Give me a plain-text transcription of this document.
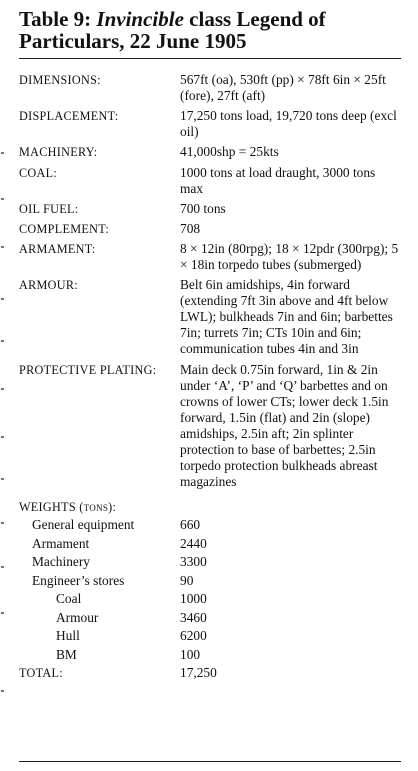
Table 9: Invincible class Legend of
Particulars, 22 June 1905
DIMENSIONS:	567ft (oa), 530ft (pp) × 78ft 6in × 25ft (fore), 27ft (aft)
DISPLACEMENT:	17,250 tons load, 19,720 tons deep (excl oil)
MACHINERY:	41,000shp = 25kts
COAL:	1000 tons at load draught, 3000 tons max
OIL FUEL:	700 tons
COMPLEMENT:	708
ARMAMENT:	8 × 12in (80rpg); 18 × 12pdr (300rpg); 5 × 18in torpedo tubes (submerged)
ARMOUR:	Belt 6in amidships, 4in forward (extending 7ft 3in above and 4ft below LWL); bulkheads 7in and 6in; barbettes 7in; turrets 7in; CTs 10in and 6in; communication tubes 4in and 3in
PROTECTIVE PLATING:	Main deck 0.75in forward, 1in & 2in under ‘A’, ‘P’ and ‘Q’ barbettes and on crowns of lower CTs; lower deck 1.5in forward, 1.5in (flat) and 2in (slope) amidships, 2.5in aft; 2in splinter protection to base of barbettes; 2.5in torpedo protection bulkheads abreast magazines
WEIGHTS (tons):
General equipment	660
Armament	2440
Machinery	3300
Engineer’s stores	90
Coal	1000
Armour	3460
Hull	6200
BM	100
TOTAL:	17,250
